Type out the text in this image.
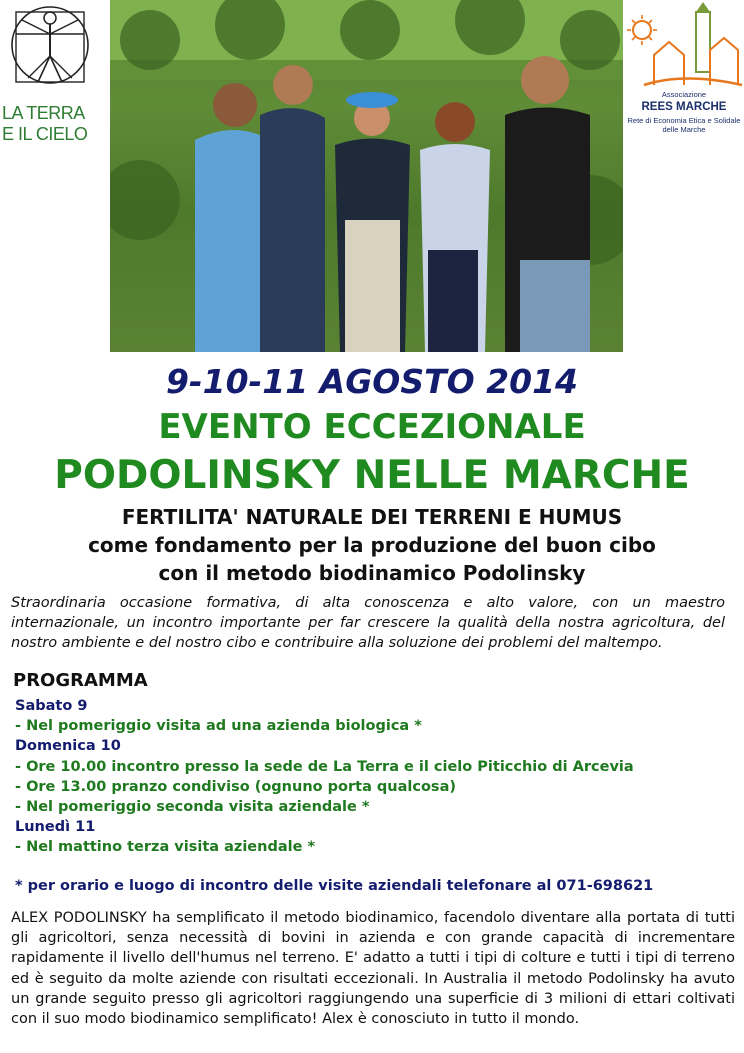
LA TERRA
E IL CIELO
Associazione
REES MARCHE
Rete di Economia Etica e Solidale
delle Marche
9-10-11 AGOSTO 2014
EVENTO ECCEZIONALE
PODOLINSKY NELLE MARCHE
FERTILITA' NATURALE DEI TERRENI E HUMUS
come fondamento per la produzione del buon cibo
con il metodo biodinamico Podolinsky
Straordinaria occasione formativa, di alta conoscenza e alto valore, con un maestro internazionale, un incontro importante per far crescere la qualità della nostra agricoltura, del nostro ambiente e del nostro cibo e contribuire alla soluzione dei problemi del maltempo.
PROGRAMMA
Sabato 9
- Nel pomeriggio visita ad una azienda biologica *
Domenica 10
- Ore 10.00 incontro presso la sede de La Terra e il cielo Piticchio di Arcevia
- Ore 13.00 pranzo condiviso (ognuno porta qualcosa)
- Nel pomeriggio seconda visita aziendale *
Lunedì 11
- Nel mattino terza visita aziendale *
* per orario e luogo di incontro delle visite aziendali telefonare al 071-698621
ALEX PODOLINSKY ha semplificato il metodo biodinamico, facendolo diventare alla portata di tutti gli agricoltori, senza necessità di bovini in azienda e con grande capacità di incrementare rapidamente il livello dell'humus nel terreno. E' adatto a tutti i tipi di colture e tutti i tipi di terreno ed è seguito da molte aziende con risultati eccezionali. In Australia il metodo Podolinsky ha avuto un grande seguito presso gli agricoltori raggiungendo una superficie di 3 milioni di ettari coltivati con il suo modo biodinamico semplificato! Alex è conosciuto in tutto il mondo.
